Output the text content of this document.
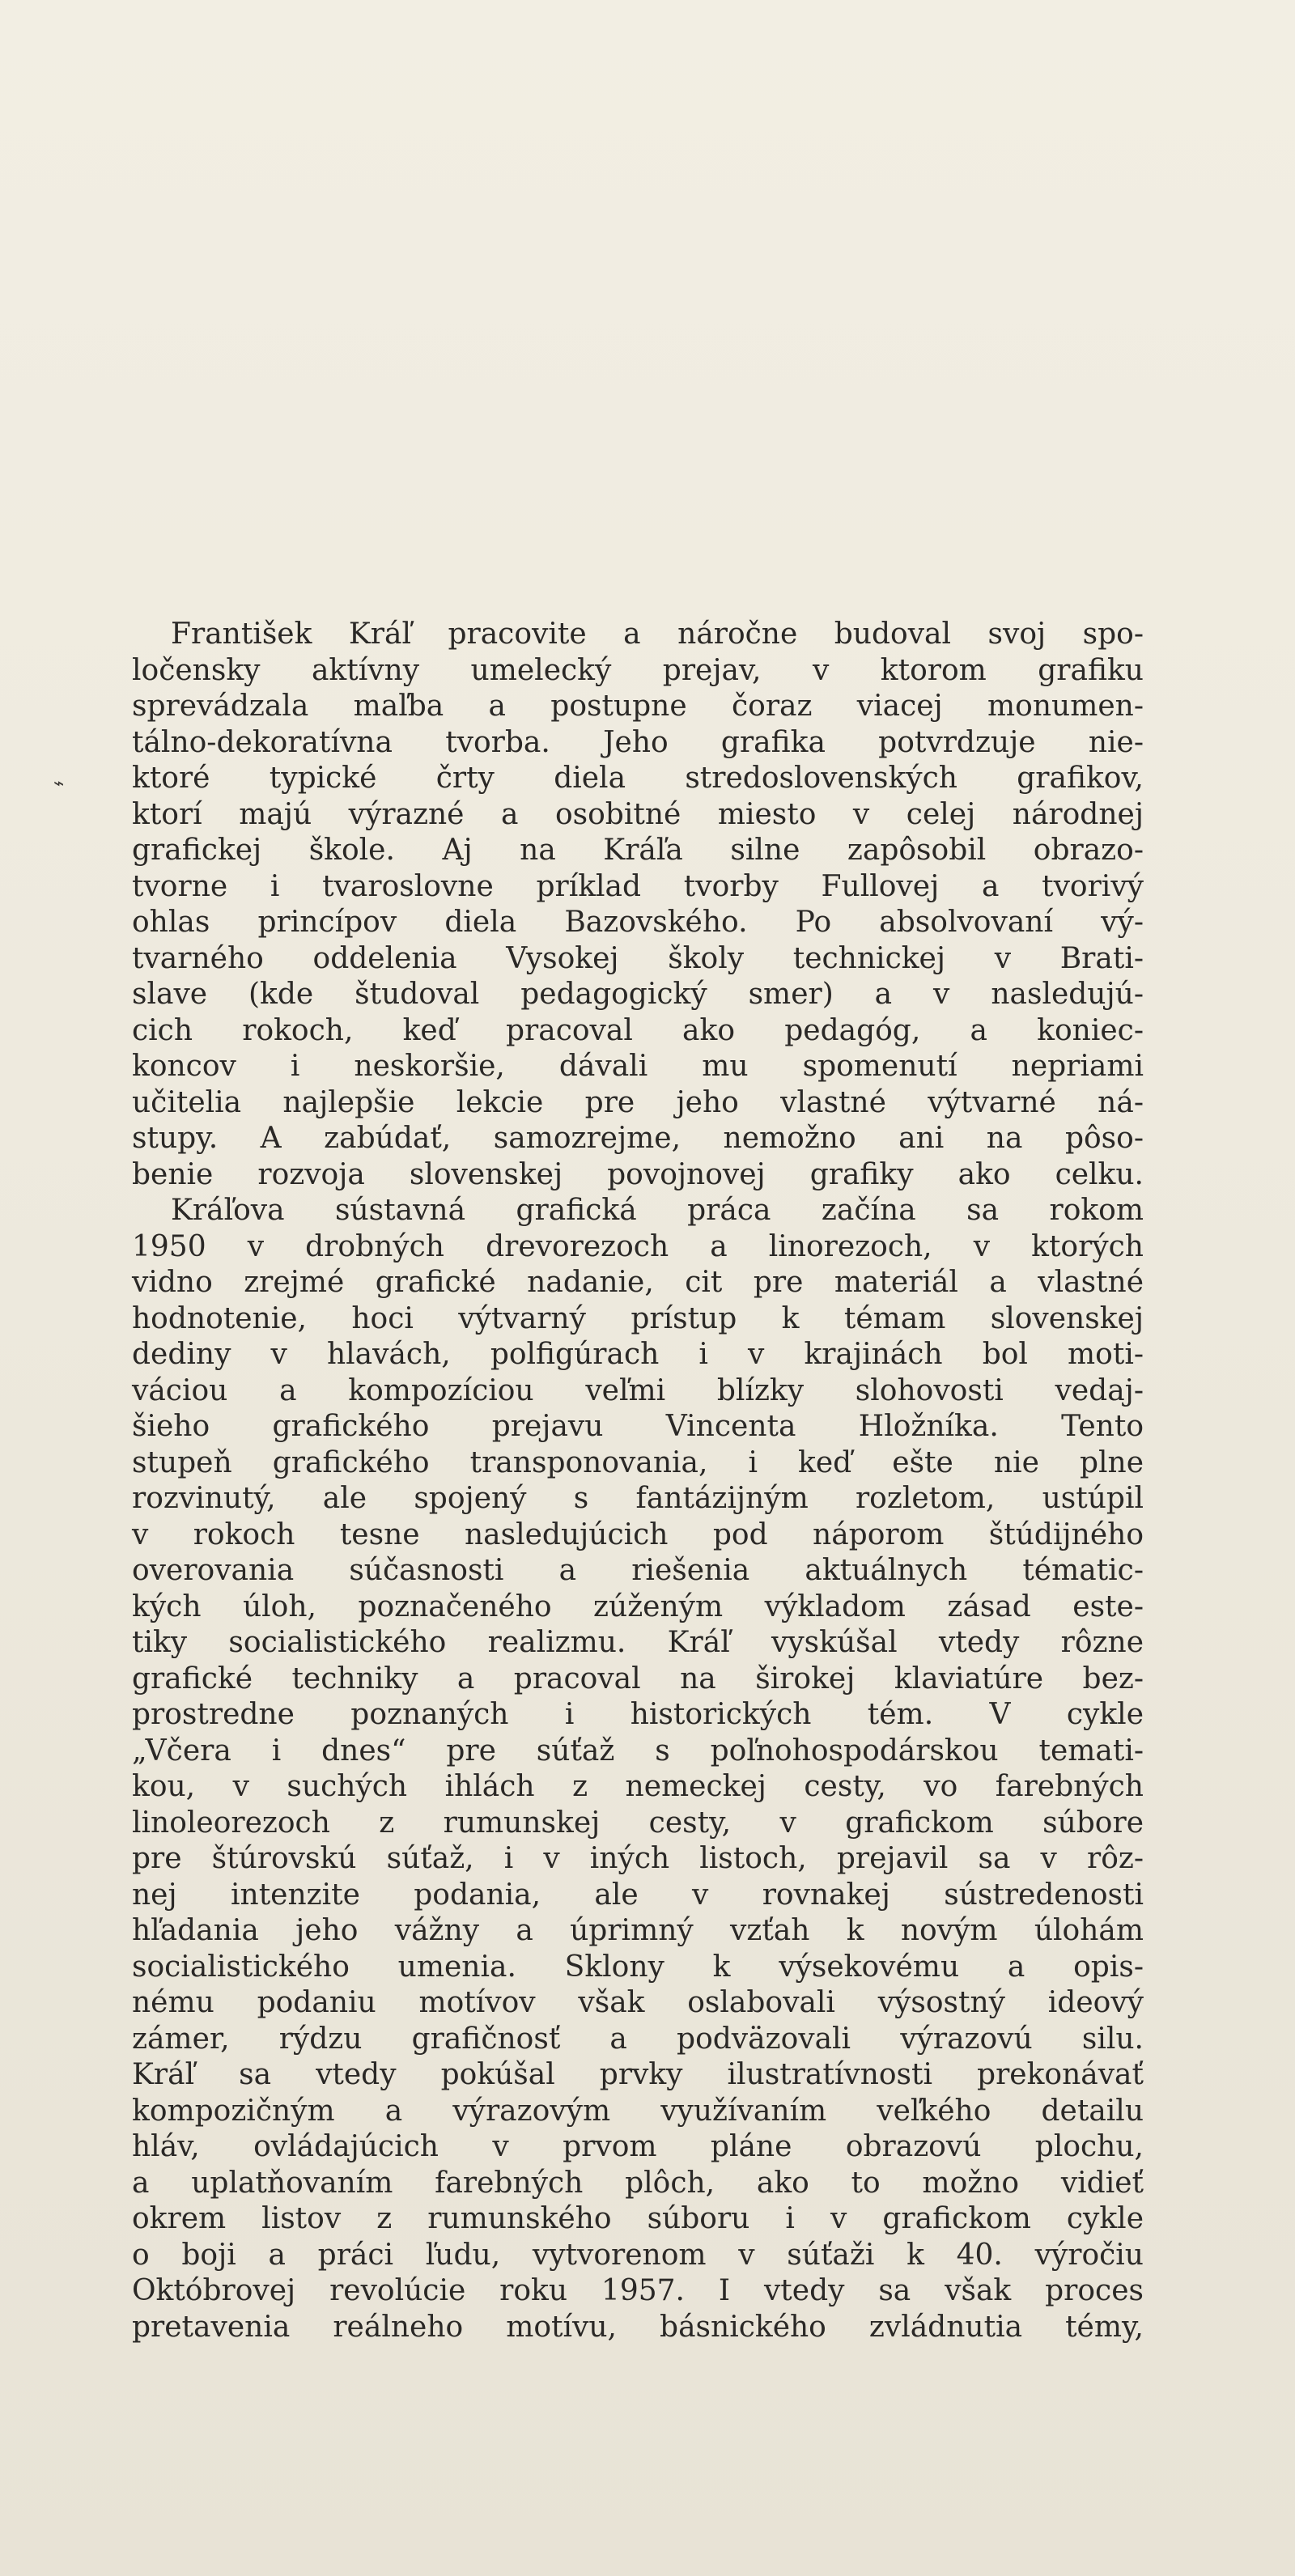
⌁
František Kráľ pracovite a náročne budoval svoj spo-
ločensky aktívny umelecký prejav, v ktorom grafiku
sprevádzala maľba a postupne čoraz viacej monumen-
tálno-dekoratívna tvorba. Jeho grafika potvrdzuje nie-
ktoré typické črty diela stredoslovenských grafikov,
ktorí majú výrazné a osobitné miesto v celej národnej
grafickej škole. Aj na Kráľa silne zapôsobil obrazo-
tvorne i tvaroslovne príklad tvorby Fullovej a tvorivý
ohlas princípov diela Bazovského. Po absolvovaní vý-
tvarného oddelenia Vysokej školy technickej v Brati-
slave (kde študoval pedagogický smer) a v nasledujú-
cich rokoch, keď pracoval ako pedagóg, a koniec-
koncov i neskoršie, dávali mu spomenutí nepriami
učitelia najlepšie lekcie pre jeho vlastné výtvarné ná-
stupy. A zabúdať, samozrejme, nemožno ani na pôso-
benie rozvoja slovenskej povojnovej grafiky ako celku.
Kráľova sústavná grafická práca začína sa rokom
1950 v drobných drevorezoch a linorezoch, v ktorých
vidno zrejmé grafické nadanie, cit pre materiál a vlastné
hodnotenie, hoci výtvarný prístup k témam slovenskej
dediny v hlavách, polfigúrach i v krajinách bol moti-
váciou a kompozíciou veľmi blízky slohovosti vedaj-
šieho grafického prejavu Vincenta Hložníka. Tento
stupeň grafického transponovania, i keď ešte nie plne
rozvinutý, ale spojený s fantázijným rozletom, ustúpil
v rokoch tesne nasledujúcich pod náporom štúdijného
overovania súčasnosti a riešenia aktuálnych tématic-
kých úloh, poznačeného zúženým výkladom zásad este-
tiky socialistického realizmu. Kráľ vyskúšal vtedy rôzne
grafické techniky a pracoval na širokej klaviatúre bez-
prostredne poznaných i historických tém. V cykle
„Včera i dnes“ pre súťaž s poľnohospodárskou temati-
kou, v suchých ihlách z nemeckej cesty, vo farebných
linoleorezoch z rumunskej cesty, v grafickom súbore
pre štúrovskú súťaž, i v iných listoch, prejavil sa v rôz-
nej intenzite podania, ale v rovnakej sústredenosti
hľadania jeho vážny a úprimný vzťah k novým úlohám
socialistického umenia. Sklony k výsekovému a opis-
nému podaniu motívov však oslabovali výsostný ideový
zámer, rýdzu grafičnosť a podväzovali výrazovú silu.
Kráľ sa vtedy pokúšal prvky ilustratívnosti prekonávať
kompozičným a výrazovým využívaním veľkého detailu
hláv, ovládajúcich v prvom pláne obrazovú plochu,
a uplatňovaním farebných plôch, ako to možno vidieť
okrem listov z rumunského súboru i v grafickom cykle
o boji a práci ľudu, vytvorenom v súťaži k 40. výročiu
Októbrovej revolúcie roku 1957. I vtedy sa však proces
pretavenia reálneho motívu, básnického zvládnutia témy,
